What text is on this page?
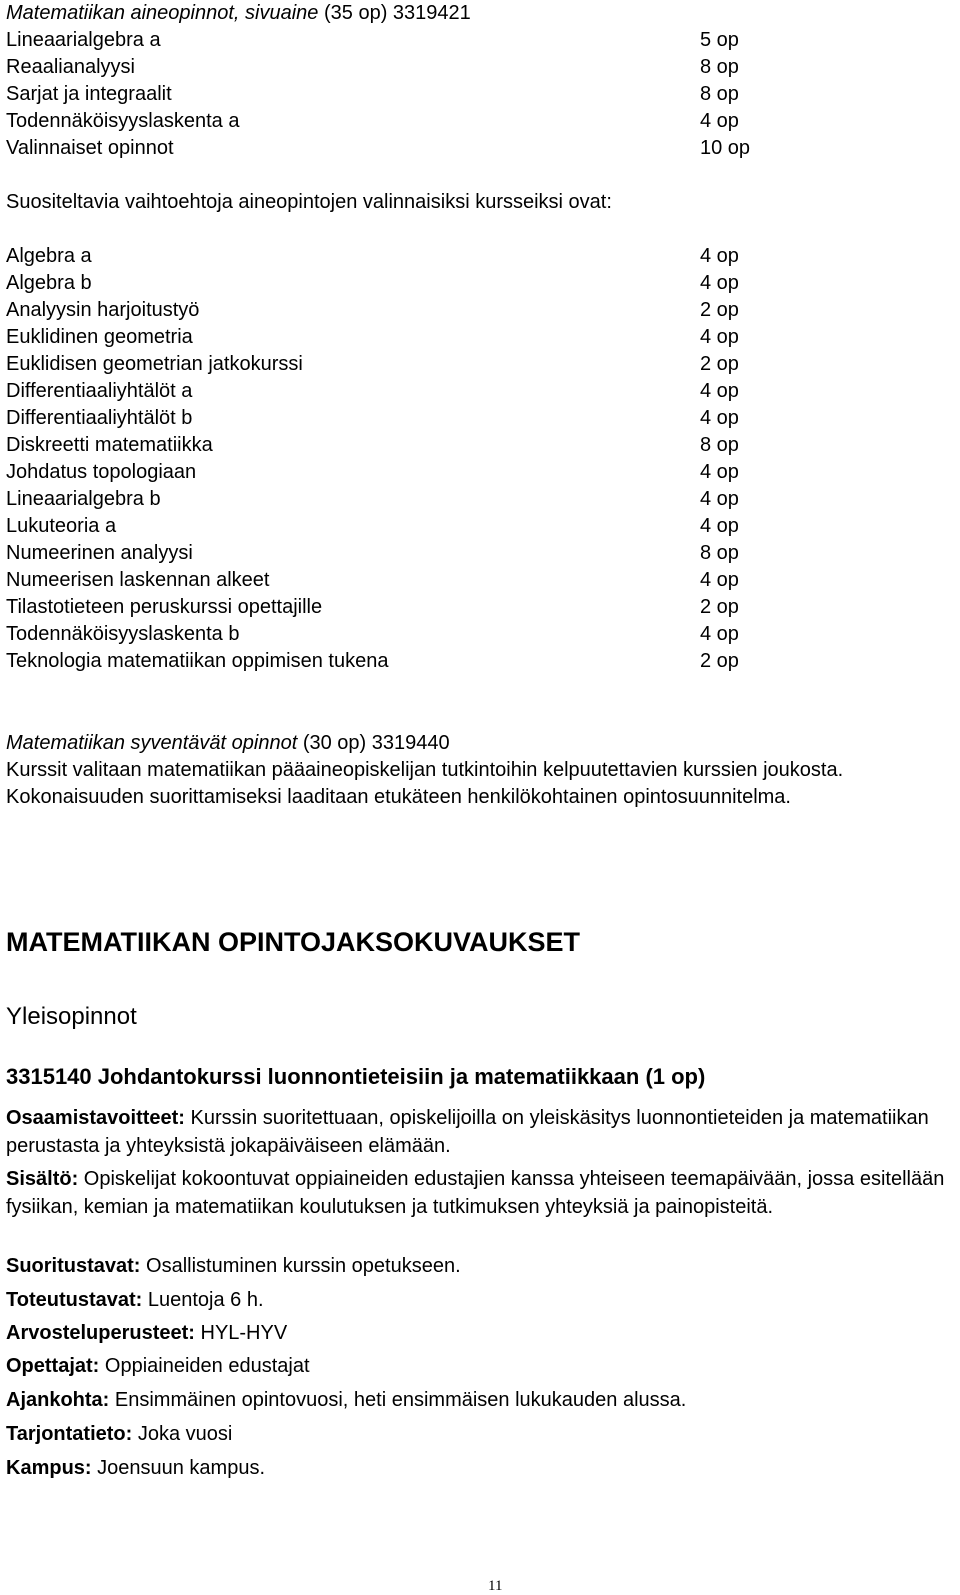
Matematiikan aineopinnot, sivuaine (35 op) 3319421
Lineaarialgebra a	5 op
Reaalianalyysi	8 op
Sarjat ja integraalit	8 op
Todennäköisyyslaskenta a	4 op
Valinnaiset opinnot	10 op
Suositeltavia vaihtoehtoja aineopintojen valinnaisiksi kursseiksi ovat:
Algebra a	4 op
Algebra b	4 op
Analyysin harjoitustyö	2 op
Euklidinen geometria	4 op
Euklidisen geometrian jatkokurssi	2 op
Differentiaaliyhtälöt a	4 op
Differentiaaliyhtälöt b	4 op
Diskreetti matematiikka	8 op
Johdatus topologiaan	4 op
Lineaarialgebra b	4 op
Lukuteoria a	4 op
Numeerinen analyysi	8 op
Numeerisen laskennan alkeet	4 op
Tilastotieteen peruskurssi opettajille	2 op
Todennäköisyyslaskenta b	4 op
Teknologia matematiikan oppimisen tukena	2 op
Matematiikan syventävät opinnot (30 op) 3319440
Kurssit valitaan matematiikan pääaineopiskelijan tutkintoihin kelpuutettavien kurssien joukosta. Kokonaisuuden suorittamiseksi laaditaan etukäteen henkilökohtainen opintosuunnitelma.
MATEMATIIKAN OPINTOJAKSOKUVAUKSET
Yleisopinnot
3315140 Johdantokurssi luonnontieteisiin ja matematiikkaan (1 op)
Osaamistavoitteet: Kurssin suoritettuaan, opiskelijoilla on yleiskäsitys luonnontieteiden ja matematiikan perustasta ja yhteyksistä jokapäiväiseen elämään.
Sisältö: Opiskelijat kokoontuvat oppiaineiden edustajien kanssa yhteiseen teemapäivään, jossa esitellään fysiikan, kemian ja matematiikan koulutuksen ja tutkimuksen yhteyksiä ja painopisteitä.
Suoritustavat: Osallistuminen kurssin opetukseen.
Toteutustavat: Luentoja 6 h.
Arvosteluperusteet: HYL-HYV
Opettajat: Oppiaineiden edustajat
Ajankohta: Ensimmäinen opintovuosi, heti ensimmäisen lukukauden alussa.
Tarjontatieto: Joka vuosi
Kampus: Joensuun kampus.
11
